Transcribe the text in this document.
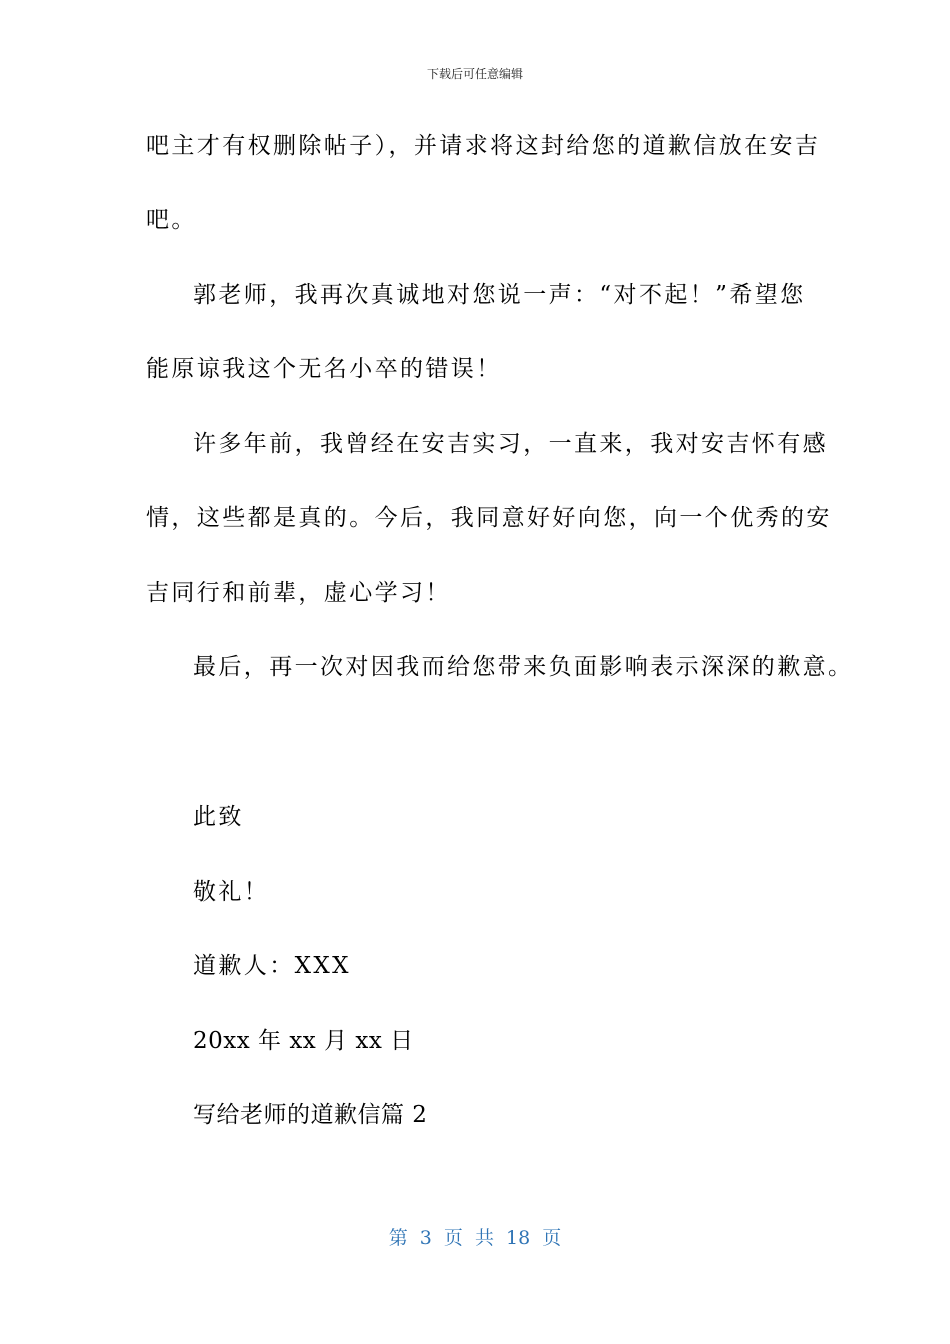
下载后可任意编辑
吧主才有权删除帖子），并请求将这封给您的道歉信放在安吉
吧。
郭老师，我再次真诚地对您说一声：“对不起！”希望您
能原谅我这个无名小卒的错误！
许多年前，我曾经在安吉实习，一直来，我对安吉怀有感
情，这些都是真的。今后，我同意好好向您，向一个优秀的安
吉同行和前辈，虚心学习！
最后，再一次对因我而给您带来负面影响表示深深的歉意。
此致
敬礼！
道歉人：XXX
20xx 年 xx 月 xx 日
写给老师的道歉信篇 2
第 3 页 共 18 页
